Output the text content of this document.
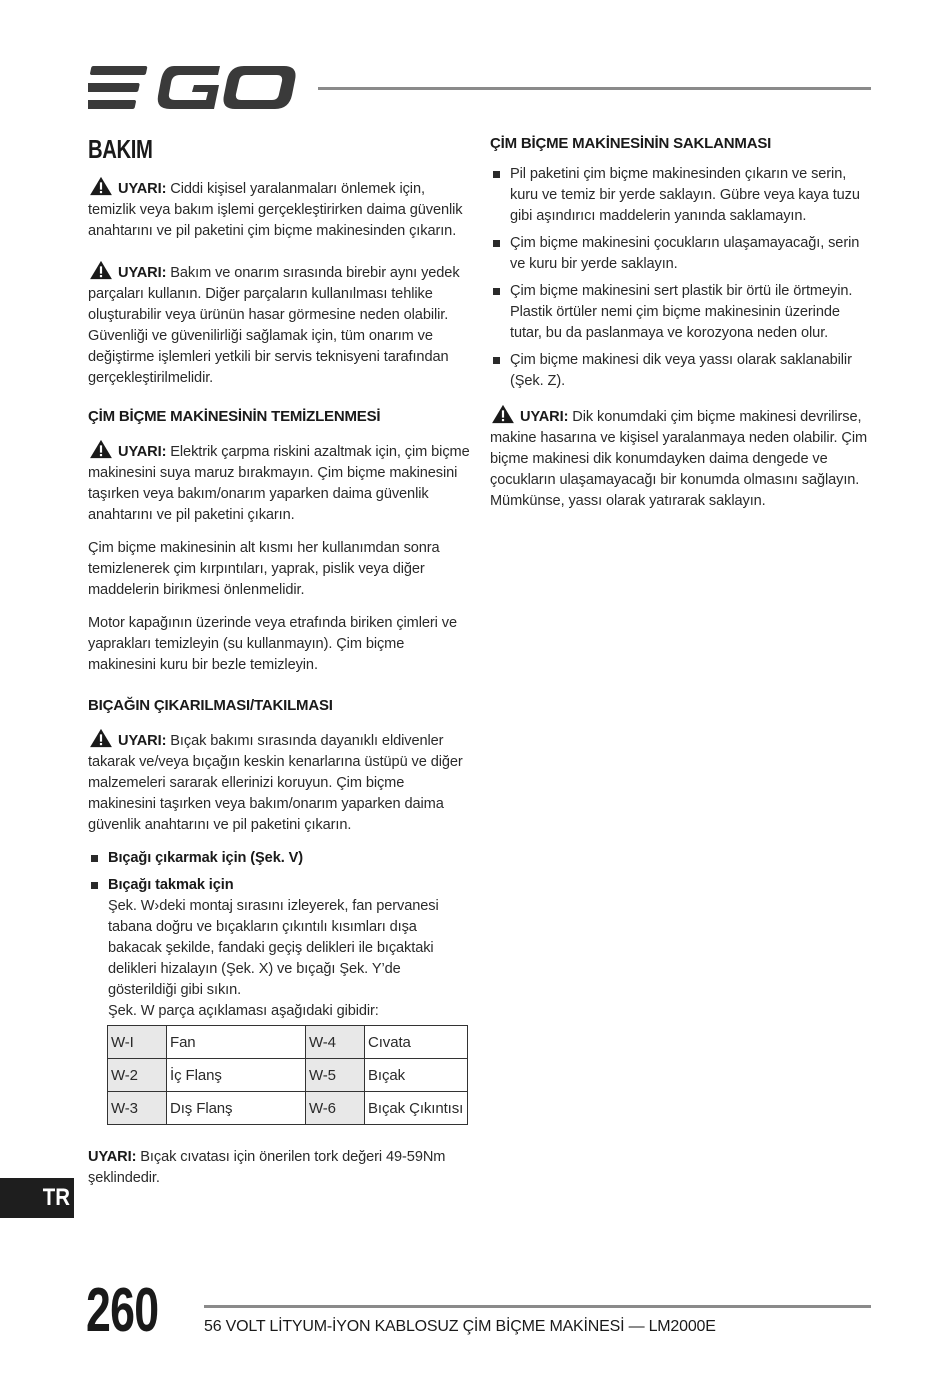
BAKIM

UYARI: Ciddi kişisel yaralanmaları önlemek için, temizlik veya bakım işlemi gerçekleştirirken daima güvenlik anahtarını ve pil paketini çim biçme makinesinden çıkarın.

UYARI: Bakım ve onarım sırasında birebir aynı yedek parçaları kullanın. Diğer parçaların kullanılması tehlike oluşturabilir veya ürünün hasar görmesine neden olabilir. Güvenliği ve güvenilirliği sağlamak için, tüm onarım ve değiştirme işlemleri yetkili bir servis teknisyeni tarafından gerçekleştirilmelidir.

ÇİM BİÇME MAKİNESİNİN TEMİZLENMESİ

UYARI: Elektrik çarpma riskini azaltmak için, çim biçme makinesini suya maruz bırakmayın. Çim biçme makinesini taşırken veya bakım/onarım yaparken daima güvenlik anahtarını ve pil paketini çıkarın.

Çim biçme makinesinin alt kısmı her kullanımdan sonra temizlenerek çim kırpıntıları, yaprak, pislik veya diğer maddelerin birikmesi önlenmelidir.

Motor kapağının üzerinde veya etrafında biriken çimleri ve yaprakları temizleyin (su kullanmayın). Çim biçme makinesini kuru bir bezle temizleyin.

BIÇAĞIN ÇIKARILMASI/TAKILMASI

UYARI: Bıçak bakımı sırasında dayanıklı eldivenler takarak ve/veya bıçağın keskin kenarlarına üstüpü ve diğer malzemeleri sararak ellerinizi koruyun. Çim biçme makinesini taşırken veya bakım/onarım yaparken daima güvenlik anahtarını ve pil paketini çıkarın.

Bıçağı çıkarmak için (Şek. V)
Bıçağı takmak için
Şek. W›deki montaj sırasını izleyerek, fan pervanesi tabana doğru ve bıçakların çıkıntılı kısımları dışa bakacak şekilde, fandaki geçiş delikleri ile bıçaktaki delikleri hizalayın (Şek. X) ve bıçağı Şek. Y’de gösterildiği gibi sıkın.
Şek. W parça açıklaması aşağıdaki gibidir:
W-I	Fan	W-4	Cıvata
W-2	İç Flanş	W-5	Bıçak
W-3	Dış Flanş	W-6	Bıçak Çıkıntısı

UYARI: Bıçak cıvatası için önerilen tork değeri 49-59Nm şeklindedir.

ÇİM BİÇME MAKİNESİNİN SAKLANMASI
Pil paketini çim biçme makinesinden çıkarın ve serin, kuru ve temiz bir yerde saklayın. Gübre veya kaya tuzu gibi aşındırıcı maddelerin yanında saklamayın.
Çim biçme makinesini çocukların ulaşamayacağı, serin ve kuru bir yerde saklayın.
Çim biçme makinesini sert plastik bir örtü ile örtmeyin. Plastik örtüler nemi çim biçme makinesinin üzerinde tutar, bu da paslanmaya ve korozyona neden olur.
Çim biçme makinesi dik veya yassı olarak saklanabilir (Şek. Z).

UYARI: Dik konumdaki çim biçme makinesi devrilirse, makine hasarına ve kişisel yaralanmaya neden olabilir. Çim biçme makinesi dik konumdayken daima dengede ve çocukların ulaşamayacağı bir konumda olmasını sağlayın. Mümkünse, yassı olarak yatırarak saklayın.

TR
260	56 VOLT LİTYUM-İYON KABLOSUZ ÇİM BİÇME MAKİNESİ — LM2000E
